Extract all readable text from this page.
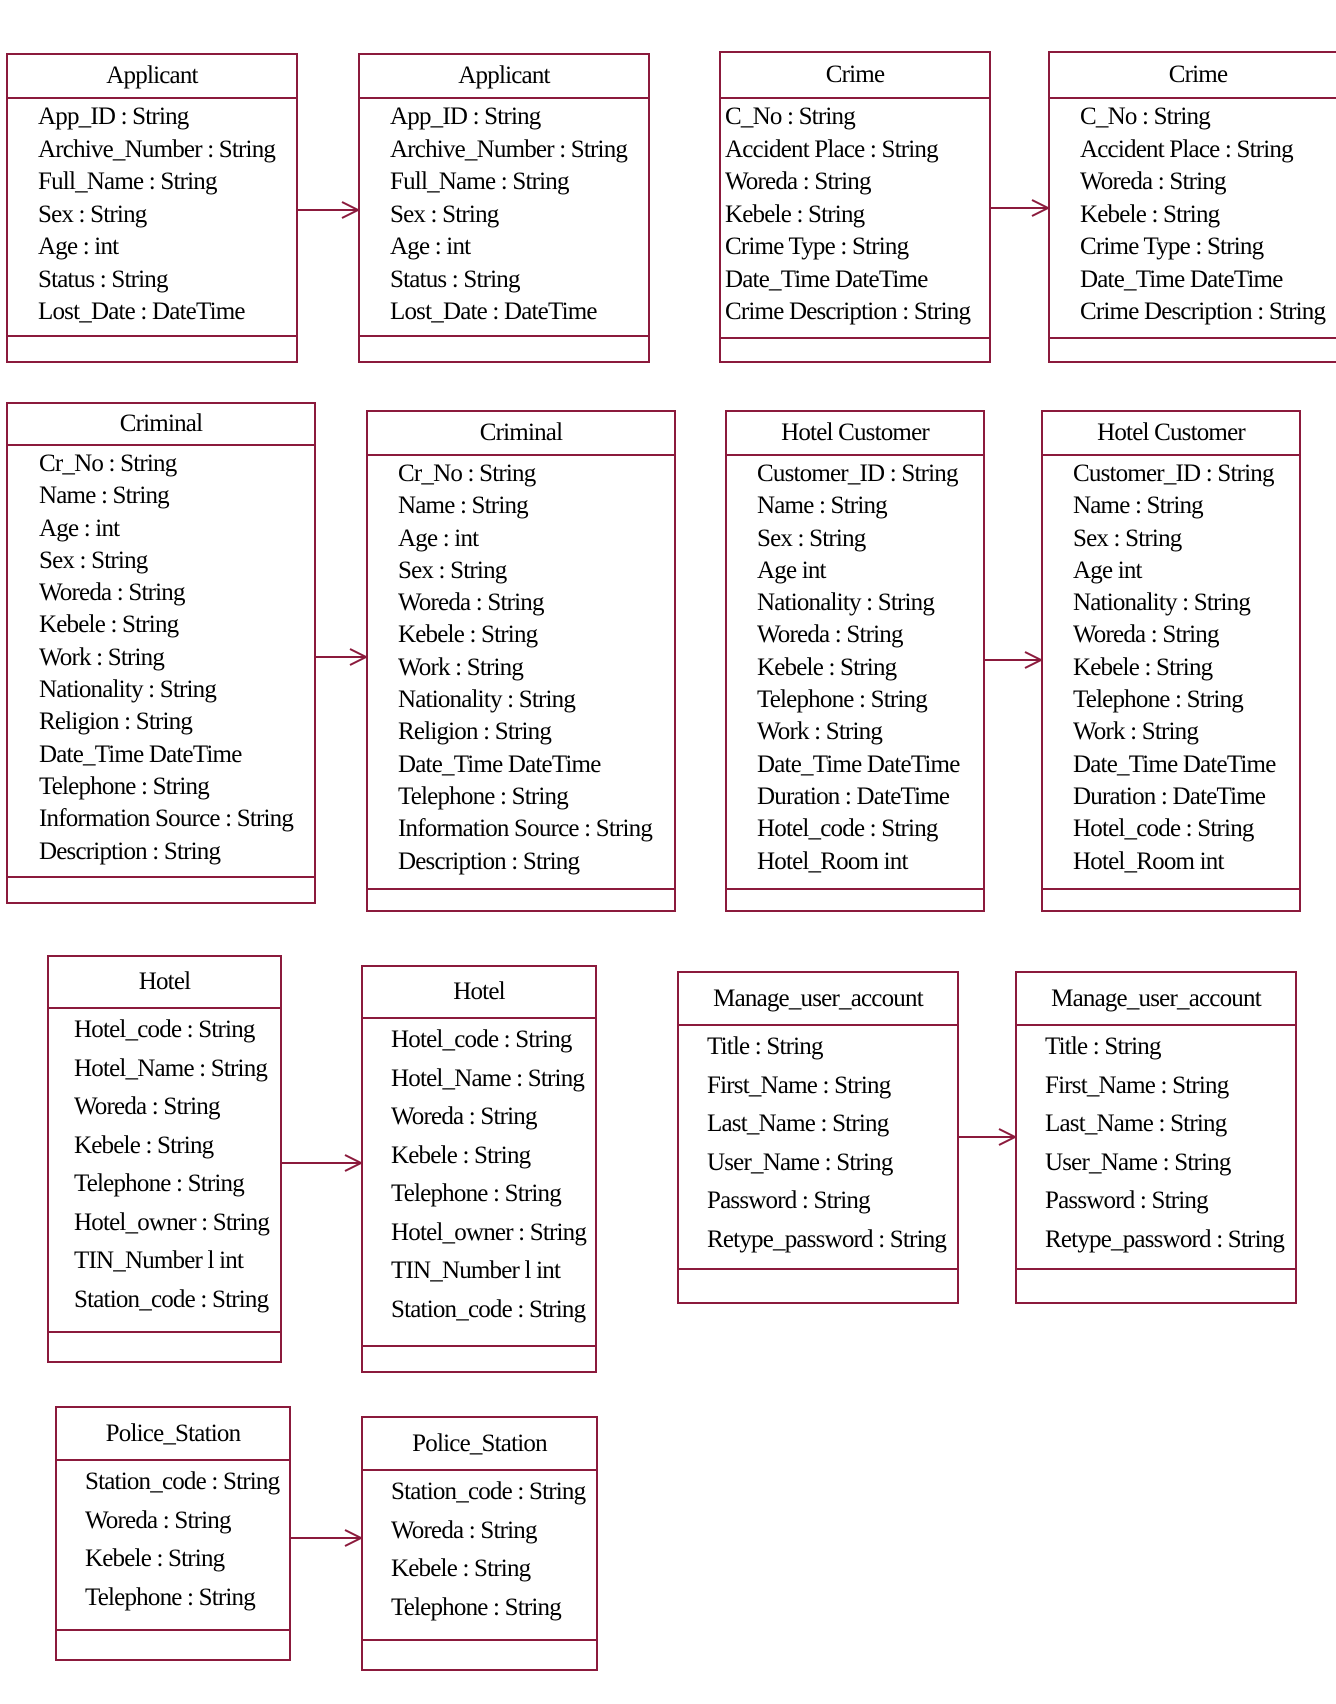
Applicant
App_ID : String
Archive_Number : String
Full_Name : String
Sex : String
Age : int
Status : String
Lost_Date : DateTime
Applicant
App_ID : String
Archive_Number : String
Full_Name : String
Sex : String
Age : int
Status : String
Lost_Date : DateTime
Crime
C_No : String
Accident Place : String
Woreda : String
Kebele : String
Crime Type : String
Date_Time DateTime
Crime Description : String
Crime
C_No : String
Accident Place : String
Woreda : String
Kebele : String
Crime Type : String
Date_Time DateTime
Crime Description : String
Criminal
Cr_No : String
Name : String
Age : int
Sex : String
Woreda : String
Kebele : String
Work : String
Nationality : String
Religion : String
Date_Time DateTime
Telephone : String
Information Source : String
Description : String
Criminal
Cr_No : String
Name : String
Age : int
Sex : String
Woreda : String
Kebele : String
Work : String
Nationality : String
Religion : String
Date_Time DateTime
Telephone : String
Information Source : String
Description : String
Hotel Customer
Customer_ID : String
Name : String
Sex : String
Age int
Nationality : String
Woreda : String
Kebele : String
Telephone : String
Work : String
Date_Time DateTime
Duration : DateTime
Hotel_code : String
Hotel_Room int
Hotel Customer
Customer_ID : String
Name : String
Sex : String
Age int
Nationality : String
Woreda : String
Kebele : String
Telephone : String
Work : String
Date_Time DateTime
Duration : DateTime
Hotel_code : String
Hotel_Room int
Hotel
Hotel_code : String
Hotel_Name : String
Woreda : String
Kebele : String
Telephone : String
Hotel_owner : String
TIN_Number l int
Station_code : String
Hotel
Hotel_code : String
Hotel_Name : String
Woreda : String
Kebele : String
Telephone : String
Hotel_owner : String
TIN_Number l int
Station_code : String
Manage_user_account
Title : String
First_Name : String
Last_Name : String
User_Name : String
Password : String
Retype_password : String
Manage_user_account
Title : String
First_Name : String
Last_Name : String
User_Name : String
Password : String
Retype_password : String
Police_Station
Station_code : String
Woreda : String
Kebele : String
Telephone : String
Police_Station
Station_code : String
Woreda : String
Kebele : String
Telephone : String
